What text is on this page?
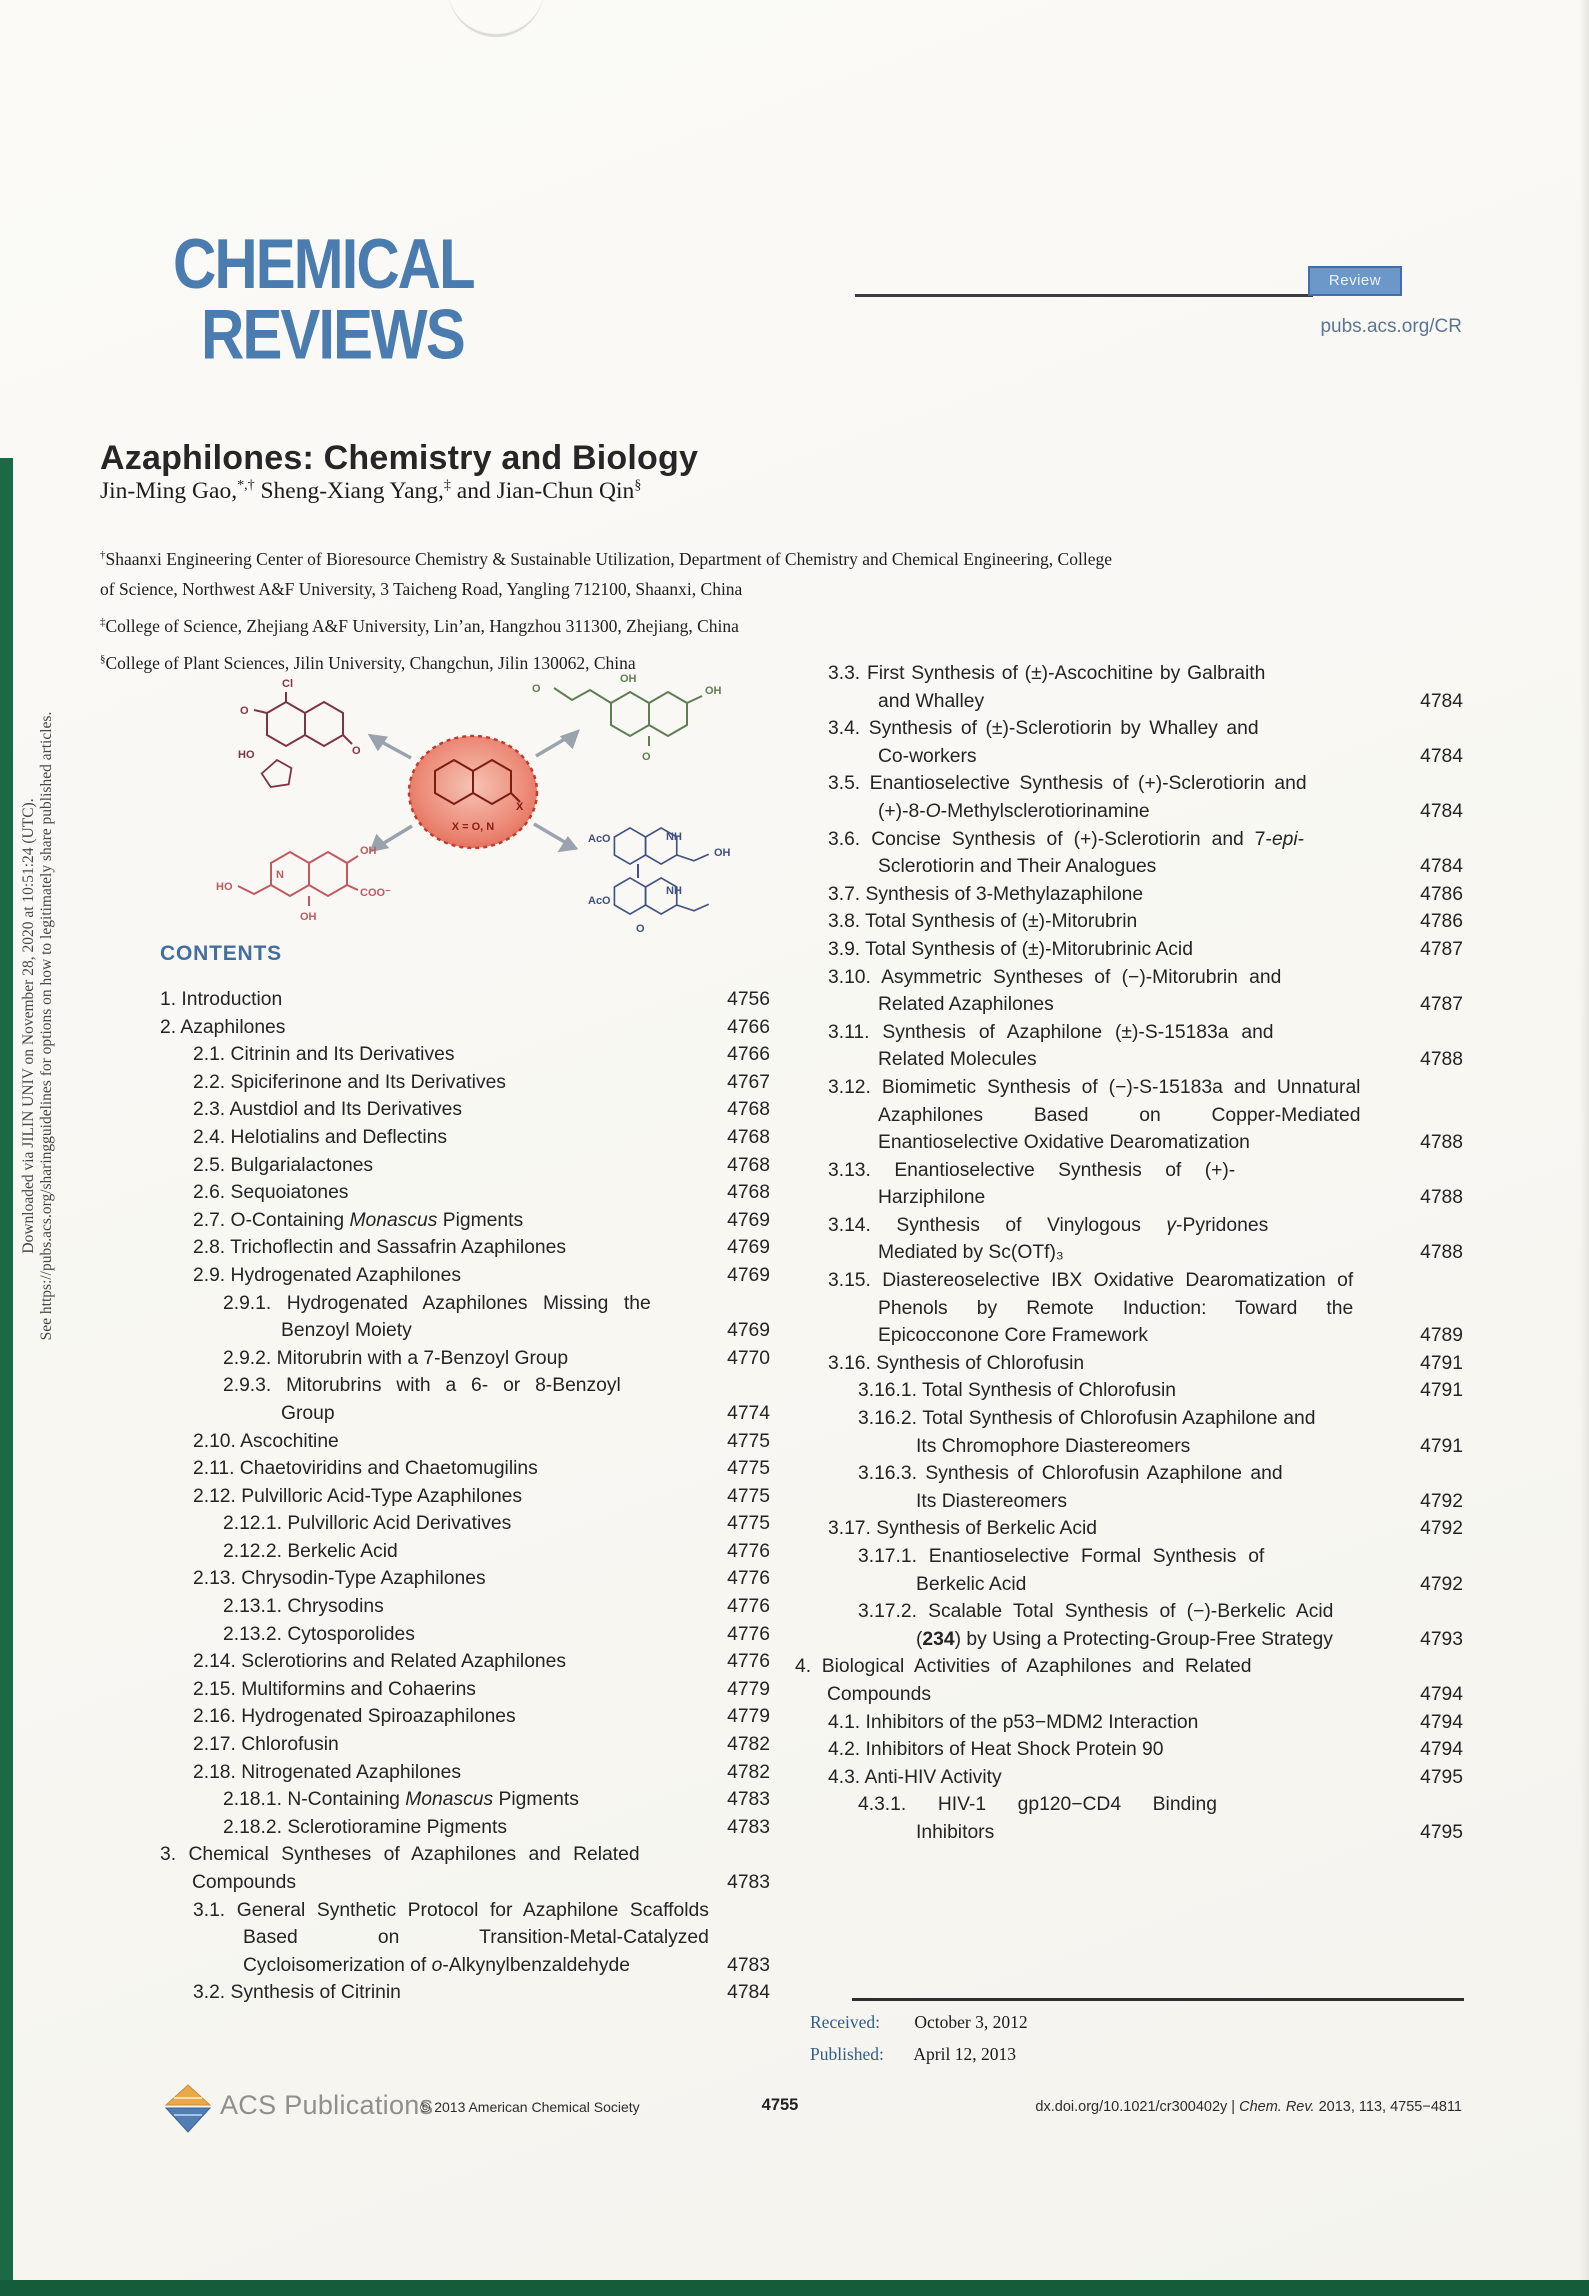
Downloaded via JILIN UNIV on November 28, 2020 at 10:51:24 (UTC). See https://pubs.acs.org/sharingguidelines for options on how to legitimately share published articles.
CHEMICAL
REVIEWS
Review
pubs.acs.org/CR
Azaphilones: Chemistry and Biology
Jin-Ming Gao,*,† Sheng-Xiang Yang,‡ and Jian-Chun Qin§

†Shaanxi Engineering Center of Bioresource Chemistry & Sustainable Utilization, Department of Chemistry and Chemical Engineering, College of Science, Northwest A&F University, 3 Taicheng Road, Yangling 712100, Shaanxi, China

‡College of Science, Zhejiang A&F University, Lin’an, Hangzhou 311300, Zhejiang, China

§College of Plant Sciences, Jilin University, Changchun, Jilin 130062, China

X
X = O, N
Cl
O
HO	O
O
OH
OH
O
N
HO
OH
COO⁻
OH
AcO	NH
OH
AcO
NH
O
CONTENTS
1. Introduction	4756
2. Azaphilones	4766
2.1. Citrinin and Its Derivatives	4766
2.2. Spiciferinone and Its Derivatives	4767
2.3. Austdiol and Its Derivatives	4768
2.4. Helotialins and Deflectins	4768
2.5. Bulgarialactones	4768
2.6. Sequoiatones	4768
2.7. O-Containing Monascus Pigments	4769
2.8. Trichoflectin and Sassafrin Azaphilones	4769
2.9. Hydrogenated Azaphilones	4769
2.9.1. Hydrogenated Azaphilones Missing the Benzoyl Moiety	4769
2.9.2. Mitorubrin with a 7-Benzoyl Group	4770
2.9.3. Mitorubrins with a 6- or 8-Benzoyl Group	4774
2.10. Ascochitine	4775
2.11. Chaetoviridins and Chaetomugilins	4775
2.12. Pulvilloric Acid-Type Azaphilones	4775
2.12.1. Pulvilloric Acid Derivatives	4775
2.12.2. Berkelic Acid	4776
2.13. Chrysodin-Type Azaphilones	4776
2.13.1. Chrysodins	4776
2.13.2. Cytosporolides	4776
2.14. Sclerotiorins and Related Azaphilones	4776
2.15. Multiformins and Cohaerins	4779
2.16. Hydrogenated Spiroazaphilones	4779
2.17. Chlorofusin	4782
2.18. Nitrogenated Azaphilones	4782
2.18.1. N-Containing Monascus Pigments	4783
2.18.2. Sclerotioramine Pigments	4783
3. Chemical Syntheses of Azaphilones and Related Compounds	4783
3.1. General Synthetic Protocol for Azaphilone Scaffolds Based on Transition-Metal-Catalyzed Cycloisomerization of o-Alkynylbenzaldehyde	4783
3.2. Synthesis of Citrinin	4784
3.3. First Synthesis of (±)-Ascochitine by Galbraith and Whalley	4784
3.4. Synthesis of (±)-Sclerotiorin by Whalley and Co-workers	4784
3.5. Enantioselective Synthesis of (+)-Sclerotiorin and (+)-8-O-Methylsclerotiorinamine	4784
3.6. Concise Synthesis of (+)-Sclerotiorin and 7-epi-Sclerotiorin and Their Analogues	4784
3.7. Synthesis of 3-Methylazaphilone	4786
3.8. Total Synthesis of (±)-Mitorubrin	4786
3.9. Total Synthesis of (±)-Mitorubrinic Acid	4787
3.10. Asymmetric Syntheses of (−)-Mitorubrin and Related Azaphilones	4787
3.11. Synthesis of Azaphilone (±)-S-15183a and Related Molecules	4788
3.12. Biomimetic Synthesis of (−)-S-15183a and Unnatural Azaphilones Based on Copper-Mediated Enantioselective Oxidative Dearomatization	4788
3.13. Enantioselective Synthesis of (+)-Harziphilone	4788
3.14. Synthesis of Vinylogous γ-Pyridones Mediated by Sc(OTf)₃	4788
3.15. Diastereoselective IBX Oxidative Dearomatization of Phenols by Remote Induction: Toward the Epicocconone Core Framework	4789
3.16. Synthesis of Chlorofusin	4791
3.16.1. Total Synthesis of Chlorofusin	4791
3.16.2. Total Synthesis of Chlorofusin Azaphilone and Its Chromophore Diastereomers	4791
3.16.3. Synthesis of Chlorofusin Azaphilone and Its Diastereomers	4792
3.17. Synthesis of Berkelic Acid	4792
3.17.1. Enantioselective Formal Synthesis of Berkelic Acid	4792
3.17.2. Scalable Total Synthesis of (−)-Berkelic Acid (234) by Using a Protecting-Group-Free Strategy	4793
4. Biological Activities of Azaphilones and Related Compounds	4794
4.1. Inhibitors of the p53−MDM2 Interaction	4794
4.2. Inhibitors of Heat Shock Protein 90	4794
4.3. Anti-HIV Activity	4795
4.3.1. HIV-1 gp120−CD4 Binding Inhibitors	4795
Received: October 3, 2012
Published: April 12, 2013
ACS Publications
© 2013 American Chemical Society	4755	dx.doi.org/10.1021/cr300402y | Chem. Rev. 2013, 113, 4755−4811
